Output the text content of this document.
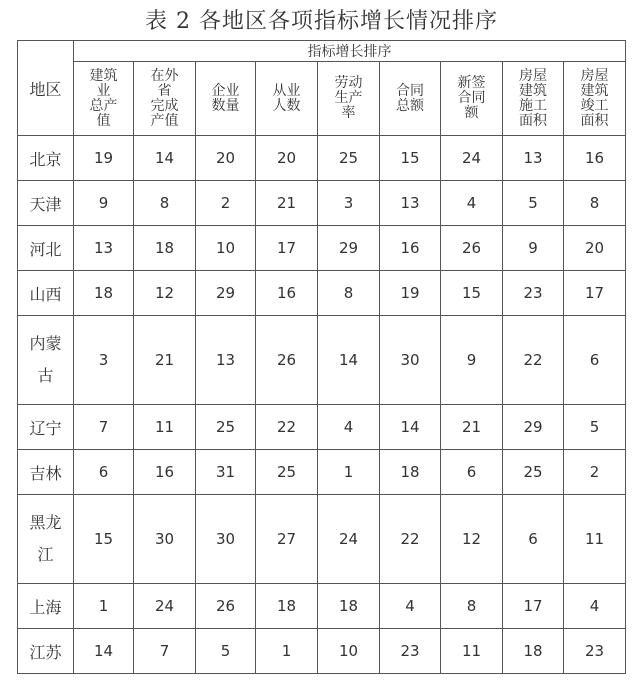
表 2 各地区各项指标增长情况排序
地区	指标增长排序								

	建筑
业
总产
值	在外
省
完成
产值	企业
数量	从业
人数	劳动
生产
率	合同
总额	新签
合同
额	房屋
建筑
施工
面积	房屋
建筑
竣工
面积

北京	19	14	20	20	25	15	24	13	16

天津	9	8	2	21	3	13	4	5	8

河北	13	18	10	17	29	16	26	9	20

山西	18	12	29	16	8	19	15	23	17

内蒙
古	3	21	13	26	14	30	9	22	6

辽宁	7	11	25	22	4	14	21	29	5

吉林	6	16	31	25	1	18	6	25	2

黑龙
江	15	30	30	27	24	22	12	6	11

上海	1	24	26	18	18	4	8	17	4

江苏	14	7	5	1	10	23	11	18	23
